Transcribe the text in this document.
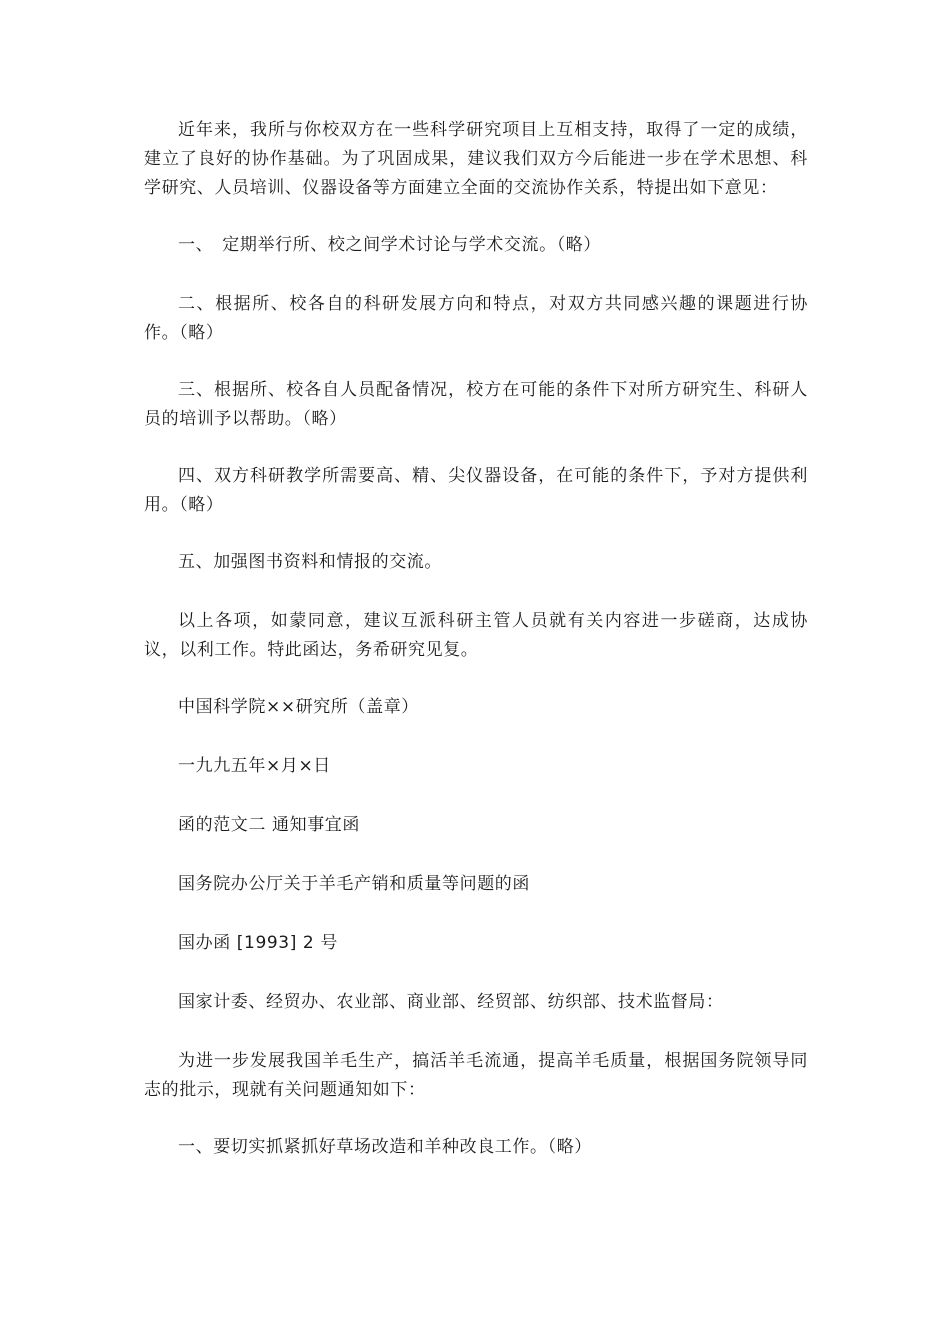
近年来，我所与你校双方在一些科学研究项目上互相支持，取得了一定的成绩，建立了良好的协作基础。为了巩固成果，建议我们双方今后能进一步在学术思想、科学研究、人员培训、仪器设备等方面建立全面的交流协作关系，特提出如下意见：

一、　定期举行所、校之间学术讨论与学术交流。（略）

二、根据所、校各自的科研发展方向和特点，对双方共同感兴趣的课题进行协作。（略）

三、根据所、校各自人员配备情况，校方在可能的条件下对所方研究生、科研人员的培训予以帮助。（略）

四、双方科研教学所需要高、精、尖仪器设备，在可能的条件下，予对方提供利用。（略）

五、加强图书资料和情报的交流。

以上各项，如蒙同意，建议互派科研主管人员就有关内容进一步磋商，达成协议，以利工作。特此函达，务希研究见复。

中国科学院××研究所（盖章）

一九九五年×月×日

函的范文二 通知事宜函

国务院办公厅关于羊毛产销和质量等问题的函

国办函 [1993] 2 号

国家计委、经贸办、农业部、商业部、经贸部、纺织部、技术监督局：

为进一步发展我国羊毛生产，搞活羊毛流通，提高羊毛质量，根据国务院领导同志的批示，现就有关问题通知如下：

一、要切实抓紧抓好草场改造和羊种改良工作。（略）
